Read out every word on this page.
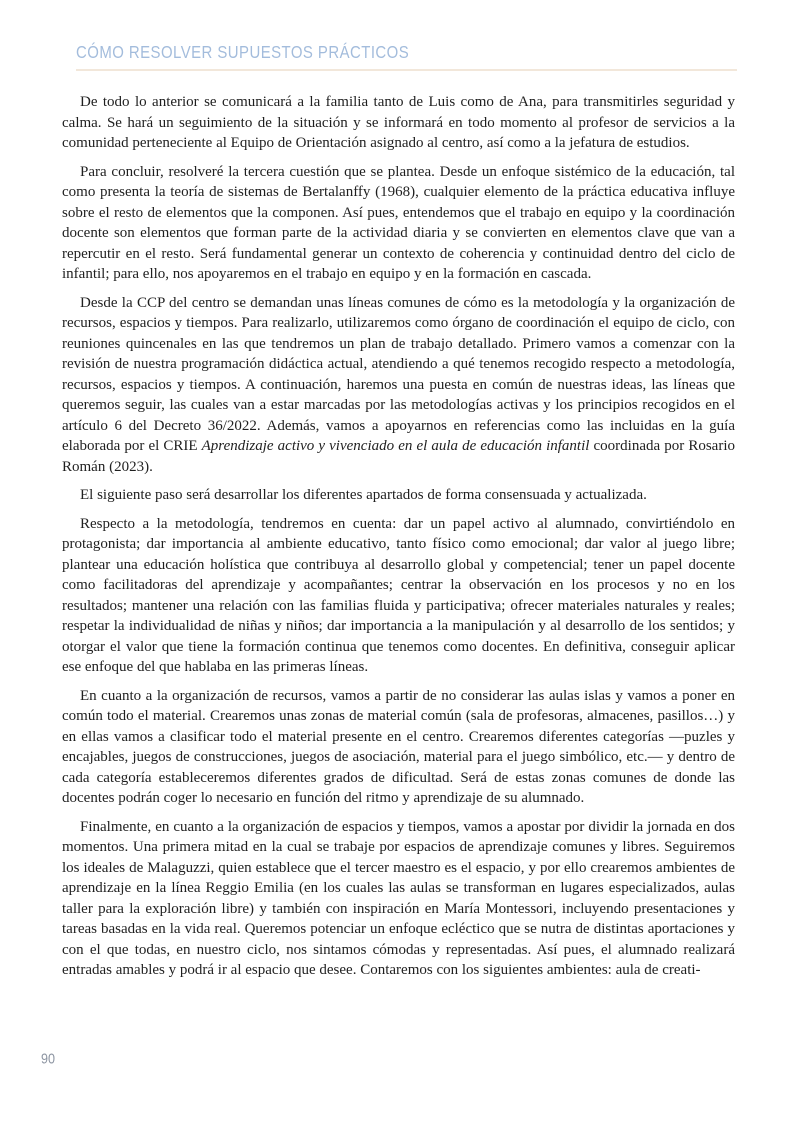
CÓMO RESOLVER SUPUESTOS PRÁCTICOS

De todo lo anterior se comunicará a la familia tanto de Luis como de Ana, para transmitirles seguridad y calma. Se hará un seguimiento de la situación y se informará en todo momento al profesor de servicios a la comunidad perteneciente al Equipo de Orientación asignado al centro, así como a la jefatura de estudios.

Para concluir, resolveré la tercera cuestión que se plantea. Desde un enfoque sistémico de la educación, tal como presenta la teoría de sistemas de Bertalanffy (1968), cualquier elemento de la práctica educativa influye sobre el resto de elementos que la componen. Así pues, entendemos que el trabajo en equipo y la coordinación docente son elementos que forman parte de la actividad diaria y se convierten en elementos clave que van a repercutir en el resto. Será fundamental generar un contexto de coherencia y continuidad dentro del ciclo de infantil; para ello, nos apoyaremos en el trabajo en equipo y en la formación en cascada.

Desde la CCP del centro se demandan unas líneas comunes de cómo es la metodología y la organización de recursos, espacios y tiempos. Para realizarlo, utilizaremos como órgano de coordinación el equipo de ciclo, con reuniones quincenales en las que tendremos un plan de trabajo detallado. Primero vamos a comenzar con la revisión de nuestra programación didáctica actual, atendiendo a qué tenemos recogido respecto a metodología, recursos, espacios y tiempos. A continuación, haremos una puesta en común de nuestras ideas, las líneas que queremos seguir, las cuales van a estar marcadas por las metodologías activas y los principios recogidos en el artículo 6 del Decreto 36/2022. Además, vamos a apoyarnos en referencias como las incluidas en la guía elaborada por el CRIE Aprendizaje activo y vivenciado en el aula de educación infantil coordinada por Rosario Román (2023).

El siguiente paso será desarrollar los diferentes apartados de forma consensuada y actualizada.

Respecto a la metodología, tendremos en cuenta: dar un papel activo al alumnado, convirtiéndolo en protagonista; dar importancia al ambiente educativo, tanto físico como emocional; dar valor al juego libre; plantear una educación holística que contribuya al desarrollo global y competencial; tener un papel docente como facilitadoras del aprendizaje y acompañantes; centrar la observación en los procesos y no en los resultados; mantener una relación con las familias fluida y participativa; ofrecer materiales naturales y reales; respetar la individualidad de niñas y niños; dar importancia a la manipulación y al desarrollo de los sentidos; y otorgar el valor que tiene la formación continua que tenemos como docentes. En definitiva, conseguir aplicar ese enfoque del que hablaba en las primeras líneas.

En cuanto a la organización de recursos, vamos a partir de no considerar las aulas islas y vamos a poner en común todo el material. Crearemos unas zonas de material común (sala de profesoras, almacenes, pasillos…) y en ellas vamos a clasificar todo el material presente en el centro. Crearemos diferentes categorías —puzles y encajables, juegos de construcciones, juegos de asociación, material para el juego simbólico, etc.— y dentro de cada categoría estableceremos diferentes grados de dificultad. Será de estas zonas comunes de donde las docentes podrán coger lo necesario en función del ritmo y aprendizaje de su alumnado.

Finalmente, en cuanto a la organización de espacios y tiempos, vamos a apostar por dividir la jornada en dos momentos. Una primera mitad en la cual se trabaje por espacios de aprendizaje comunes y libres. Seguiremos los ideales de Malaguzzi, quien establece que el tercer maestro es el espacio, y por ello crearemos ambientes de aprendizaje en la línea Reggio Emilia (en los cuales las aulas se transforman en lugares especializados, aulas taller para la exploración libre) y también con inspiración en María Montessori, incluyendo presentaciones y tareas basadas en la vida real. Queremos potenciar un enfoque ecléctico que se nutra de distintas aportaciones y con el que todas, en nuestro ciclo, nos sintamos cómodas y representadas. Así pues, el alumnado realizará entradas amables y podrá ir al espacio que desee. Contaremos con los siguientes ambientes: aula de creati-

90
